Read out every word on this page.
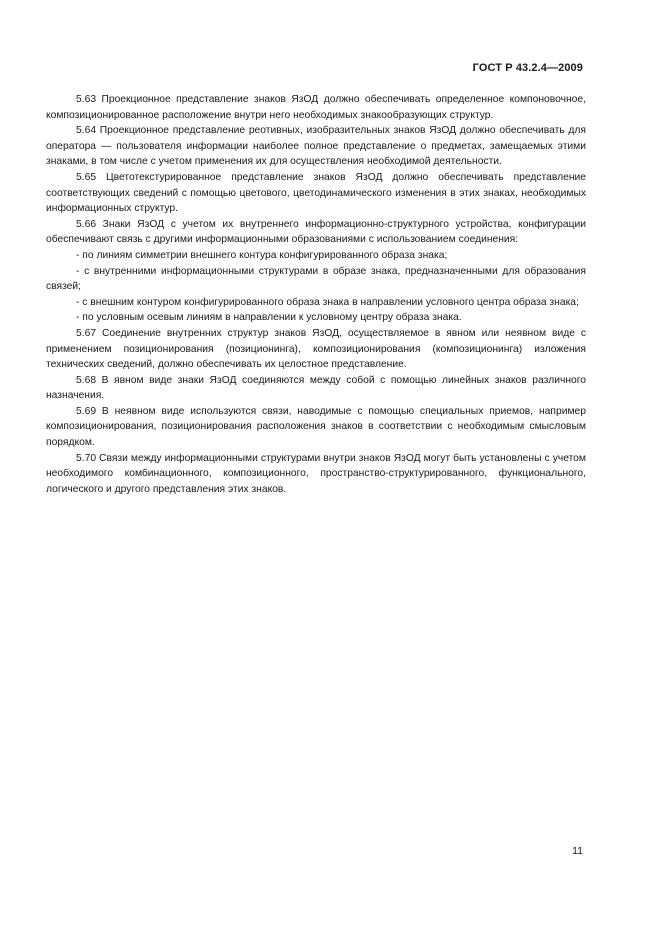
ГОСТ Р 43.2.4—2009

5.63 Проекционное представление знаков ЯзОД должно обеспечивать определенное компоновочное, композиционированное расположение внутри него необходимых знакообразующих структур.

5.64 Проекционное представление реотивных, изобразительных знаков ЯзОД должно обеспечивать для оператора — пользователя информации наиболее полное представление о предметах, замещаемых этими знаками, в том числе с учетом применения их для осуществления необходимой деятельности.

5.65 Цветотекстурированное представление знаков ЯзОД должно обеспечивать представление соответствующих сведений с помощью цветового, цветодинамического изменения в этих знаках, необходимых информационных структур.

5.66 Знаки ЯзОД с учетом их внутреннего информационно-структурного устройства, конфигурации обеспечивают связь с другими информационными образованиями с использованием соединения:

- по линиям симметрии внешнего контура конфигурированного образа знака;

- с внутренними информационными структурами в образе знака, предназначенными для образования связей;

- с внешним контуром конфигурированного образа знака в направлении условного центра образа знака;

- по условным осевым линиям в направлении к условному центру образа знака.

5.67 Соединение внутренних структур знаков ЯзОД, осуществляемое в явном или неявном виде с применением позиционирования (позиционинга), композиционирования (композиционинга) изложения технических сведений, должно обеспечивать их целостное представление.

5.68 В явном виде знаки ЯзОД соединяются между собой с помощью линейных знаков различного назначения.

5.69 В неявном виде используются связи, наводимые с помощью специальных приемов, например композиционирования, позиционирования расположения знаков в соответствии с необходимым смысловым порядком.

5.70 Связи между информационными структурами внутри знаков ЯзОД могут быть установлены с учетом необходимого комбинационного, композиционного, пространство-структурированного, функционального, логического и другого представления этих знаков.

11
